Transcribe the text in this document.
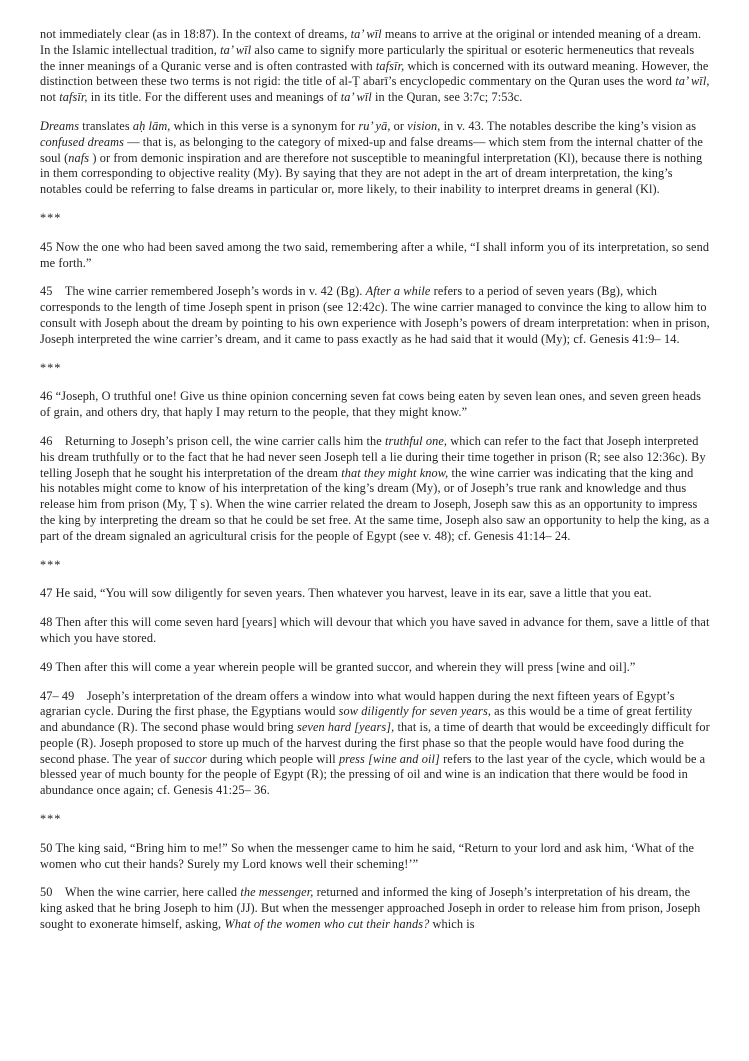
not immediately clear (as in 18:87). In the context of dreams, ta’ wīl means to arrive at the original or intended meaning of a dream. In the Islamic intellectual tradition, ta’ wīl also came to signify more particularly the spiritual or esoteric hermeneutics that reveals the inner meanings of a Quranic verse and is often contrasted with tafsīr, which is concerned with its outward meaning. However, the distinction between these two terms is not rigid: the title of al-Ṭ abarī’s encyclopedic commentary on the Quran uses the word ta’ wīl, not tafsīr, in its title. For the different uses and meanings of ta’ wīl in the Quran, see 3:7c; 7:53c.

Dreams translates aḥ lām, which in this verse is a synonym for ru’ yā, or vision, in v. 43. The notables describe the king’s vision as confused dreams — that is, as belonging to the category of mixed-up and false dreams— which stem from the internal chatter of the soul (nafs ) or from demonic inspiration and are therefore not susceptible to meaningful interpretation (Kl), because there is nothing in them corresponding to objective reality (My). By saying that they are not adept in the art of dream interpretation, the king’s notables could be referring to false dreams in particular or, more likely, to their inability to interpret dreams in general (Kl).

***

45 Now the one who had been saved among the two said, remembering after a while, “I shall inform you of its interpretation, so send me forth.”

45 The wine carrier remembered Joseph’s words in v. 42 (Bg). After a while refers to a period of seven years (Bg), which corresponds to the length of time Joseph spent in prison (see 12:42c). The wine carrier managed to convince the king to allow him to consult with Joseph about the dream by pointing to his own experience with Joseph’s powers of dream interpretation: when in prison, Joseph interpreted the wine carrier’s dream, and it came to pass exactly as he had said that it would (My); cf. Genesis 41:9– 14.

***

46 “Joseph, O truthful one! Give us thine opinion concerning seven fat cows being eaten by seven lean ones, and seven green heads of grain, and others dry, that haply I may return to the people, that they might know.”

46 Returning to Joseph’s prison cell, the wine carrier calls him the truthful one, which can refer to the fact that Joseph interpreted his dream truthfully or to the fact that he had never seen Joseph tell a lie during their time together in prison (R; see also 12:36c). By telling Joseph that he sought his interpretation of the dream that they might know, the wine carrier was indicating that the king and his notables might come to know of his interpretation of the king’s dream (My), or of Joseph’s true rank and knowledge and thus release him from prison (My, Ṭ s). When the wine carrier related the dream to Joseph, Joseph saw this as an opportunity to impress the king by interpreting the dream so that he could be set free. At the same time, Joseph also saw an opportunity to help the king, as a part of the dream signaled an agricultural crisis for the people of Egypt (see v. 48); cf. Genesis 41:14– 24.

***

47 He said, “You will sow diligently for seven years. Then whatever you harvest, leave in its ear, save a little that you eat.

48 Then after this will come seven hard [years] which will devour that which you have saved in advance for them, save a little of that which you have stored.

49 Then after this will come a year wherein people will be granted succor, and wherein they will press [wine and oil].”

47– 49 Joseph’s interpretation of the dream offers a window into what would happen during the next fifteen years of Egypt’s agrarian cycle. During the first phase, the Egyptians would sow diligently for seven years, as this would be a time of great fertility and abundance (R). The second phase would bring seven hard [years], that is, a time of dearth that would be exceedingly difficult for people (R). Joseph proposed to store up much of the harvest during the first phase so that the people would have food during the second phase. The year of succor during which people will press [wine and oil] refers to the last year of the cycle, which would be a blessed year of much bounty for the people of Egypt (R); the pressing of oil and wine is an indication that there would be food in abundance once again; cf. Genesis 41:25– 36.

***

50 The king said, “Bring him to me!” So when the messenger came to him he said, “Return to your lord and ask him, ‘What of the women who cut their hands? Surely my Lord knows well their scheming!’”

50 When the wine carrier, here called the messenger, returned and informed the king of Joseph’s interpretation of his dream, the king asked that he bring Joseph to him (JJ). But when the messenger approached Joseph in order to release him from prison, Joseph sought to exonerate himself, asking, What of the women who cut their hands? which is
